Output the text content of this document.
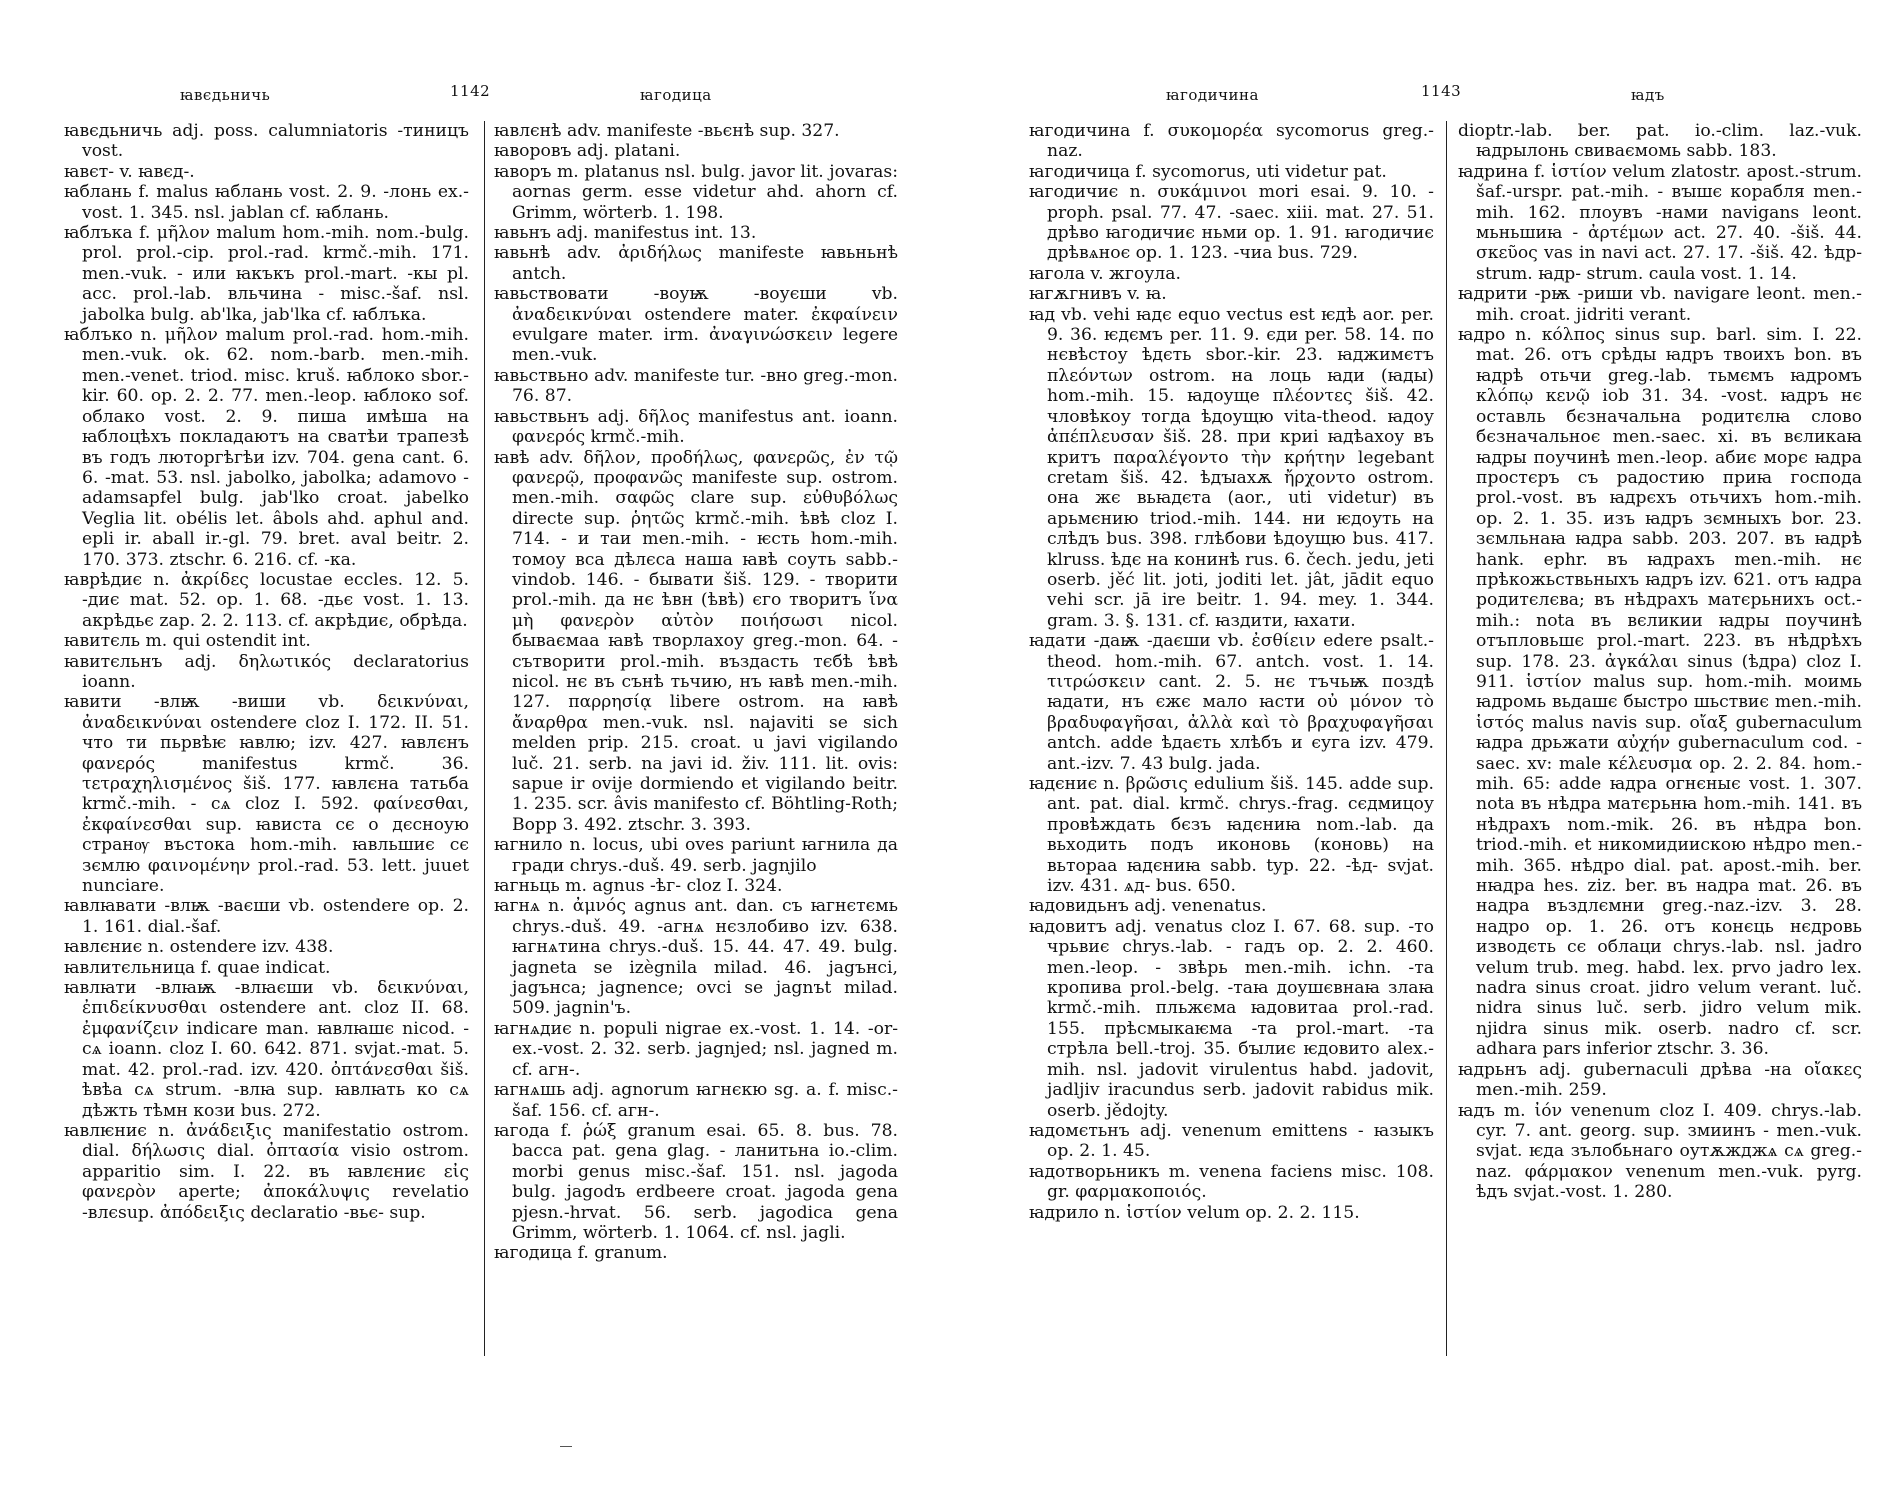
ꙗвєдьничь	1142	ꙗгодица

ꙗвєдьничь adj. poss. calumniatoris -тиницъ vost.

ꙗвєт- v. ꙗвєд-.

ꙗблань f. malus ꙗблань vost. 2. 9. -лонь ex.-vost. 1. 345. nsl. jablan cf. ꙗблань.

ꙗблъка f. μῆλον malum hom.-mih. nom.-bulg. prol. prol.-cip. prol.-rad. krmč.-mih. 171. men.-vuk. - или ꙗкъкъ prol.-mart. -кы pl. acc. prol.-lab. вльчина - misc.-šaf. nsl. jabolka bulg. ab'lka, jab'lka cf. ꙗблъка.

ꙗблъко n. μῆλον malum prol.-rad. hom.-mih. men.-vuk. ok. 62. nom.-barb. men.-mih. men.-venet. triod. misc. kruš. ꙗблоко sbor.-kir. 60. op. 2. 2. 77. men.-leop. ꙗблоко sof. облако vost. 2. 9. пиша имѣша на ꙗблоцѣхъ покладаютъ на сватѣи трапезѣ въ годъ лютоpгѣгѣи izv. 704. gena cant. 6. 6. -mat. 53. nsl. jabolko, jabolka; adamovo - adamsapfel bulg. jab'lko croat. jabelko Veglia lit. obélis let. âbols ahd. aphul and. epli ir. aball ir.-gl. 79. bret. aval beitr. 2. 170. 373. ztschr. 6. 216. cf. -ка.

ꙗврѣдиє n. ἀκρίδες locustae eccles. 12. 5. -диє mat. 52. op. 1. 68. -дьє vost. 1. 13. акрѣдьє zap. 2. 2. 113. cf. акрѣдиє, обрѣда.

ꙗвитєль m. qui ostendit int.

ꙗвитєльнъ adj. δηλωτικός declaratorius ioann.

ꙗвити -влѭ -виши vb. δεικνύναι, ἀναδεικνύναι ostendere cloz I. 172. II. 51. что ти пьрвѣѥ ꙗвлю; izv. 427. ꙗвлєнъ φανερός manifestus krmč. 36. τετραχηλισμένος šiš. 177. ꙗвлєна татьба krmč.-mih. - сѧ cloz I. 592. φαίνεσθαι, ἐκφαίνεσθαι sup. ꙗвиста сє о дєсноую странѹ въстока hom.-mih. ꙗвльшиє сє зємлю φαινομένην prol.-rad. 53. lett. juuet nunciare.

ꙗвлꙗвати -влѭ -ваєши vb. ostendere op. 2. 1. 161. dial.-šaf.

ꙗвлєниє n. ostendere izv. 438.

ꙗвлитєльница f. quae indicat.

ꙗвлꙗти -влꙗѭ -влꙗєши vb. δεικνύναι, ἐπιδείκνυσθαι ostendere ant. cloz II. 68. ἐμφανίζειν indicare man. ꙗвлꙗшє nicod. - сѧ ioann. cloz I. 60. 642. 871. svjat.-mat. 5. mat. 42. prol.-rad. izv. 420. ὀπτάνεσθαι šiš. ѣвѣа сѧ strum. -влꙗ sup. ꙗвлꙗть ко сѧ дѣжть тѣмн кози bus. 272.

ꙗвлѥниє n. ἀνάδειξις manifestatio ostrom. dial. δήλωσις dial. ὀπτασία visio ostrom. apparitio sim. I. 22. въ ꙗвлєниє εἰς φανερὸν aperte; ἀποκάλυψις revelatio -влєsup. ἀπόδειξις declaratio -вьє- sup.

ꙗвлєнѣ adv. manifeste -вьєнѣ sup. 327.

ꙗворовъ adj. platani.

ꙗворъ m. platanus nsl. bulg. javor lit. jovaras: aornas germ. esse videtur ahd. ahorn cf. Grimm, wörterb. 1. 198.

ꙗвьнъ adj. manifestus int. 13.

ꙗвьнѣ adv. ἀριδήλως manifeste ꙗвьньнѣ antch.

ꙗвьствовати -воуѭ -воуєши vb. ἀναδεικνύναι ostendere mater. ἐκφαίνειν evulgare mater. irm. ἀναγινώσκειν legere men.-vuk.

ꙗвьствьно adv. manifeste tur. -вно greg.-mon. 76. 87.

ꙗвьствьнъ adj. δῆλος manifestus ant. ioann. φανερός krmč.-mih.

ꙗвѣ adv. δῆλον, προδήλως, φανερῶς, ἐν τῷ φανερῷ, προφανῶς manifeste sup. ostrom. men.-mih. σαφῶς clare sup. εὐθυβόλως directe sup. ῥητῶς krmč.-mih. ѣвѣ cloz I. 714. - и таи men.-mih. - ѥсть hom.-mih. томоу вса дѣлєса наша ꙗвѣ соуть sabb.-vindob. 146. - бывати šiš. 129. - творити prol.-mih. да нє ѣвн (ѣвѣ) єго творитъ ἵνα μὴ φανερὸν αὐτὸν ποιήσωσι nicol. бываємаа ꙗвѣ творлахоу greg.-mon. 64. - сътворити prol.-mih. въздасть тєбѣ ѣвѣ nicol. нє въ сънѣ тьчию, нъ ꙗвѣ men.-mih. 127. παρρησίᾳ libere ostrom. на ꙗвѣ ἄναρθρα men.-vuk. nsl. najaviti se sich melden prip. 215. croat. u javi vigilando luč. 21. serb. na javi id. živ. 111. lit. ovis: sapue ir ovije dormiendo et vigilando beitr. 1. 235. scr. âvis manifesto cf. Böhtling-Roth; Bopp 3. 492. ztschr. 3. 393.

ꙗгнило n. locus, ubi oves pariunt ꙗгнила да гради chrys.-duš. 49. serb. jagnjilo

ꙗгньць m. agnus -ѣг- cloz I. 324.

ꙗгнѧ n. ἀμνός agnus ant. dan. съ ꙗгнєтємь chrys.-duš. 49. -агнѧ нєзлобиво izv. 638. ꙗгнѧтина chrys.-duš. 15. 44. 47. 49. bulg. jagneta se izègnila milad. 46. jagънci, jagънca; jagnence; ovci se jagnъt milad. 509. jagnin'ъ.

ꙗгнѧдиє n. populi nigrae ex.-vost. 1. 14. -or- ex.-vost. 2. 32. serb. jagnjed; nsl. jagned m. cf. агн-.

ꙗгнѧшь adj. agnorum ꙗгнєкю sg. a. f. misc.-šaf. 156. cf. агн-.

ꙗгода f. ῥώξ granum esai. 65. 8. bus. 78. bacca pat. gena glag. - ланитьна io.-clim. morbi genus misc.-šaf. 151. nsl. jagoda bulg. jagodъ erdbeere croat. jagoda gena pjesn.-hrvat. 56. serb. jagodica gena Grimm, wörterb. 1. 1064. cf. nsl. jagli.

ꙗгодица f. granum.

ꙗгодичина	1143	ꙗдъ

ꙗгодичина f. συκομορέα sycomorus greg.-naz.

ꙗгодичица f. sycomorus, uti videtur pat.

ꙗгодичиє n. συκάμινοι mori esai. 9. 10. -proph. psal. 77. 47. -saec. xiii. mat. 27. 51. дрѣво ꙗгодичиє ньми op. 1. 91. ꙗгодичиє дрѣвѧноє op. 1. 123. -чиа bus. 729.

ꙗгола v. жгоула.

ꙗгѫгнивъ v. ꙗ.

ꙗд vb. vehi ꙗдє equo vectus est ѥдѣ aor. per. 9. 36. ѥдємъ per. 11. 9. єди per. 58. 14. по нєвѣстоу ѣдєть sbor.-kir. 23. ꙗджимєтъ πλεόντων ostrom. на лоць ꙗди (ꙗды) hom.-mih. 15. ꙗдоуще πλέοντες šiš. 42. чловѣкоу тогда ѣдоущю vita-theod. ꙗдоу ἀπέπλευσαν šiš. 28. при криі ꙗдѣахоу въ критъ παραλέγοντο τὴν κρήτην legebant cretam šiš. 42. ѣдꙑахѫ ἤρχοντο ostrom. она жє вьꙗдєта (aor., uti videtur) въ арьмєнию triod.-mih. 144. ни ѥдоуть на слѣдъ bus. 398. глѣбови ѣдоущю bus. 417. klruss. ѣдє на конинѣ rus. 6. čech. jedu, jeti oserb. jěć lit. joti, joditi let. jât, jādit equo vehi scr. jā ire beitr. 1. 94. mey. 1. 344. gram. 3. §. 131. cf. ꙗздити, ꙗхати.

ꙗдати -даѭ -даєши vb. ἐσθίειν edere psalt.-theod. hom.-mih. 67. antch. vost. 1. 14. τιτρώσκειν cant. 2. 5. нє тъчьѭ поздѣ ꙗдати, нъ єжє мало ꙗсти οὐ μόνον τὸ βραδυφαγῆσαι, ἀλλὰ καὶ τὸ βραχυφαγῆσαι antch. adde ѣдаєть хлѣбъ и єуга izv. 479. ant.-izv. 7. 43 bulg. jada.

ꙗдєниє n. βρῶσις edulium šiš. 145. adde sup. ant. pat. dial. krmč. chrys.-frag. сєдмицоу провѣждать бєзъ ꙗдєниꙗ nom.-lab. да вьходить подъ иконовь (коновь) на вьтораа ꙗдєниꙗ sabb. typ. 22. -ѣд- svjat. izv. 431. ѧд- bus. 650.

ꙗдовидьнъ adj. venenatus.

ꙗдовитъ adj. venatus cloz I. 67. 68. sup. -то чрьвиє chrys.-lab. - гадъ op. 2. 2. 460. men.-leop. - звѣрь men.-mih. ichn. -та кропива prol.-belg. -таꙗ доушєвнаꙗ злаꙗ krmč.-mih. пльжєма ꙗдовитаа prol.-rad. 155. прѣсмыкаѥма -та prol.-mart. -та стрѣла bell.-troj. 35. бꙑлиє ѥдовито alex.-mih. nsl. jadovit virulentus habd. jadovit, jadljiv iracundus serb. jadovit rabidus mik. oserb. jědojty.

ꙗдомєтьнъ adj. venenum emittens - ꙗзыкъ op. 2. 1. 45.

ꙗдотворьникъ m. venena faciens misc. 108. gr. φαρμακοποιός.

ꙗдрило n. ἱστίον velum op. 2. 2. 115.

dioptr.-lab. ber. pat. io.-clim. laz.-vuk. ꙗдрылонь свиваємомь sabb. 183.

ꙗдрина f. ἱστίον velum zlatostr. apost.-strum. šaf.-urspr. pat.-mih. - вꙑшє корабля men.-mih. 162. плоувъ -нами navigans leont. мьньшиꙗ - ἀρτέμων act. 27. 40. -šiš. 44. σκεῦος vas in navi act. 27. 17. -šiš. 42. ѣдр- strum. ꙗдр- strum. caula vost. 1. 14.

ꙗдрити -рѭ -риши vb. navigare leont. men.-mih. croat. jidriti verant.

ꙗдро n. κόλπος sinus sup. barl. sim. I. 22. mat. 26. отъ срѣды ꙗдръ твоихъ bon. въ ꙗдрѣ отьчи greg.-lab. тьмємъ ꙗдромъ κλόπῳ κενῷ iob 31. 34. -vost. ꙗдръ нє оставль бєзначальна родитєлꙗ слово бєзначальноє men.-saec. xi. въ вєликаꙗ ꙗдры поучинѣ men.-leop. абиє морє ꙗдра простєръ съ радостию приꙗ господа prol.-vost. въ ꙗдрєхъ отьчихъ hom.-mih. op. 2. 1. 35. изъ ꙗдръ зємныхъ bor. 23. зємльнаꙗ ꙗдра sabb. 203. 207. въ ꙗдрѣ hank. ephr. въ ꙗдрахъ men.-mih. нє прѣкожьствьныхъ ꙗдръ izv. 621. отъ ꙗдра родитєлєва; въ нѣдрахъ матєрьнихъ oct.-mih.: nota въ вєликии ꙗдры поучинѣ отъпловьшє prol.-mart. 223. въ нѣдрѣхъ sup. 178. 23. ἀγκάλαι sinus (ѣдра) cloz I. 911. ἱστίον malus sup. hom.-mih. моимь ꙗдромь вьдашє быстро шьствиє men.-mih. ἱστός malus navis sup. οἴαξ gubernaculum ꙗдра дрьжати αὐχήν gubernaculum cod. -saec. xv: male κέλευσμα op. 2. 2. 84. hom.-mih. 65: adde ꙗдра огнєныє vost. 1. 307. nota въ нѣдра матєрьнꙗ hom.-mih. 141. въ нѣдрахъ nom.-mik. 26. въ нѣдра bon. triod.-mih. et никомидиискою нѣдро men.-mih. 365. нѣдро dial. pat. apost.-mih. ber. нꙗдра hes. ziz. ber. въ надра mat. 26. въ надра въздлємни greg.-naz.-izv. 3. 28. надро op. 1. 26. отъ конєць нєдровь изводєть сє облаци chrys.-lab. nsl. jadro velum trub. meg. habd. lex. prvo jadro lex. nadra sinus croat. jidro velum verant. luč. nidra sinus luč. serb. jidro velum mik. njidra sinus mik. oserb. nadro cf. scr. adhara pars inferior ztschr. 3. 36.

ꙗдрьнъ adj. gubernaculi дрѣва -на οἴακες men.-mih. 259.

ꙗдъ m. ἰόν venenum cloz I. 409. chrys.-lab. cyr. 7. ant. georg. sup. змиинъ - men.-vuk. svjat. ѥда зълобьнаго оутѫжджѧ сѧ greg.-naz. φάρμακον venenum men.-vuk. pyrg. ѣдъ svjat.-vost. 1. 280.
